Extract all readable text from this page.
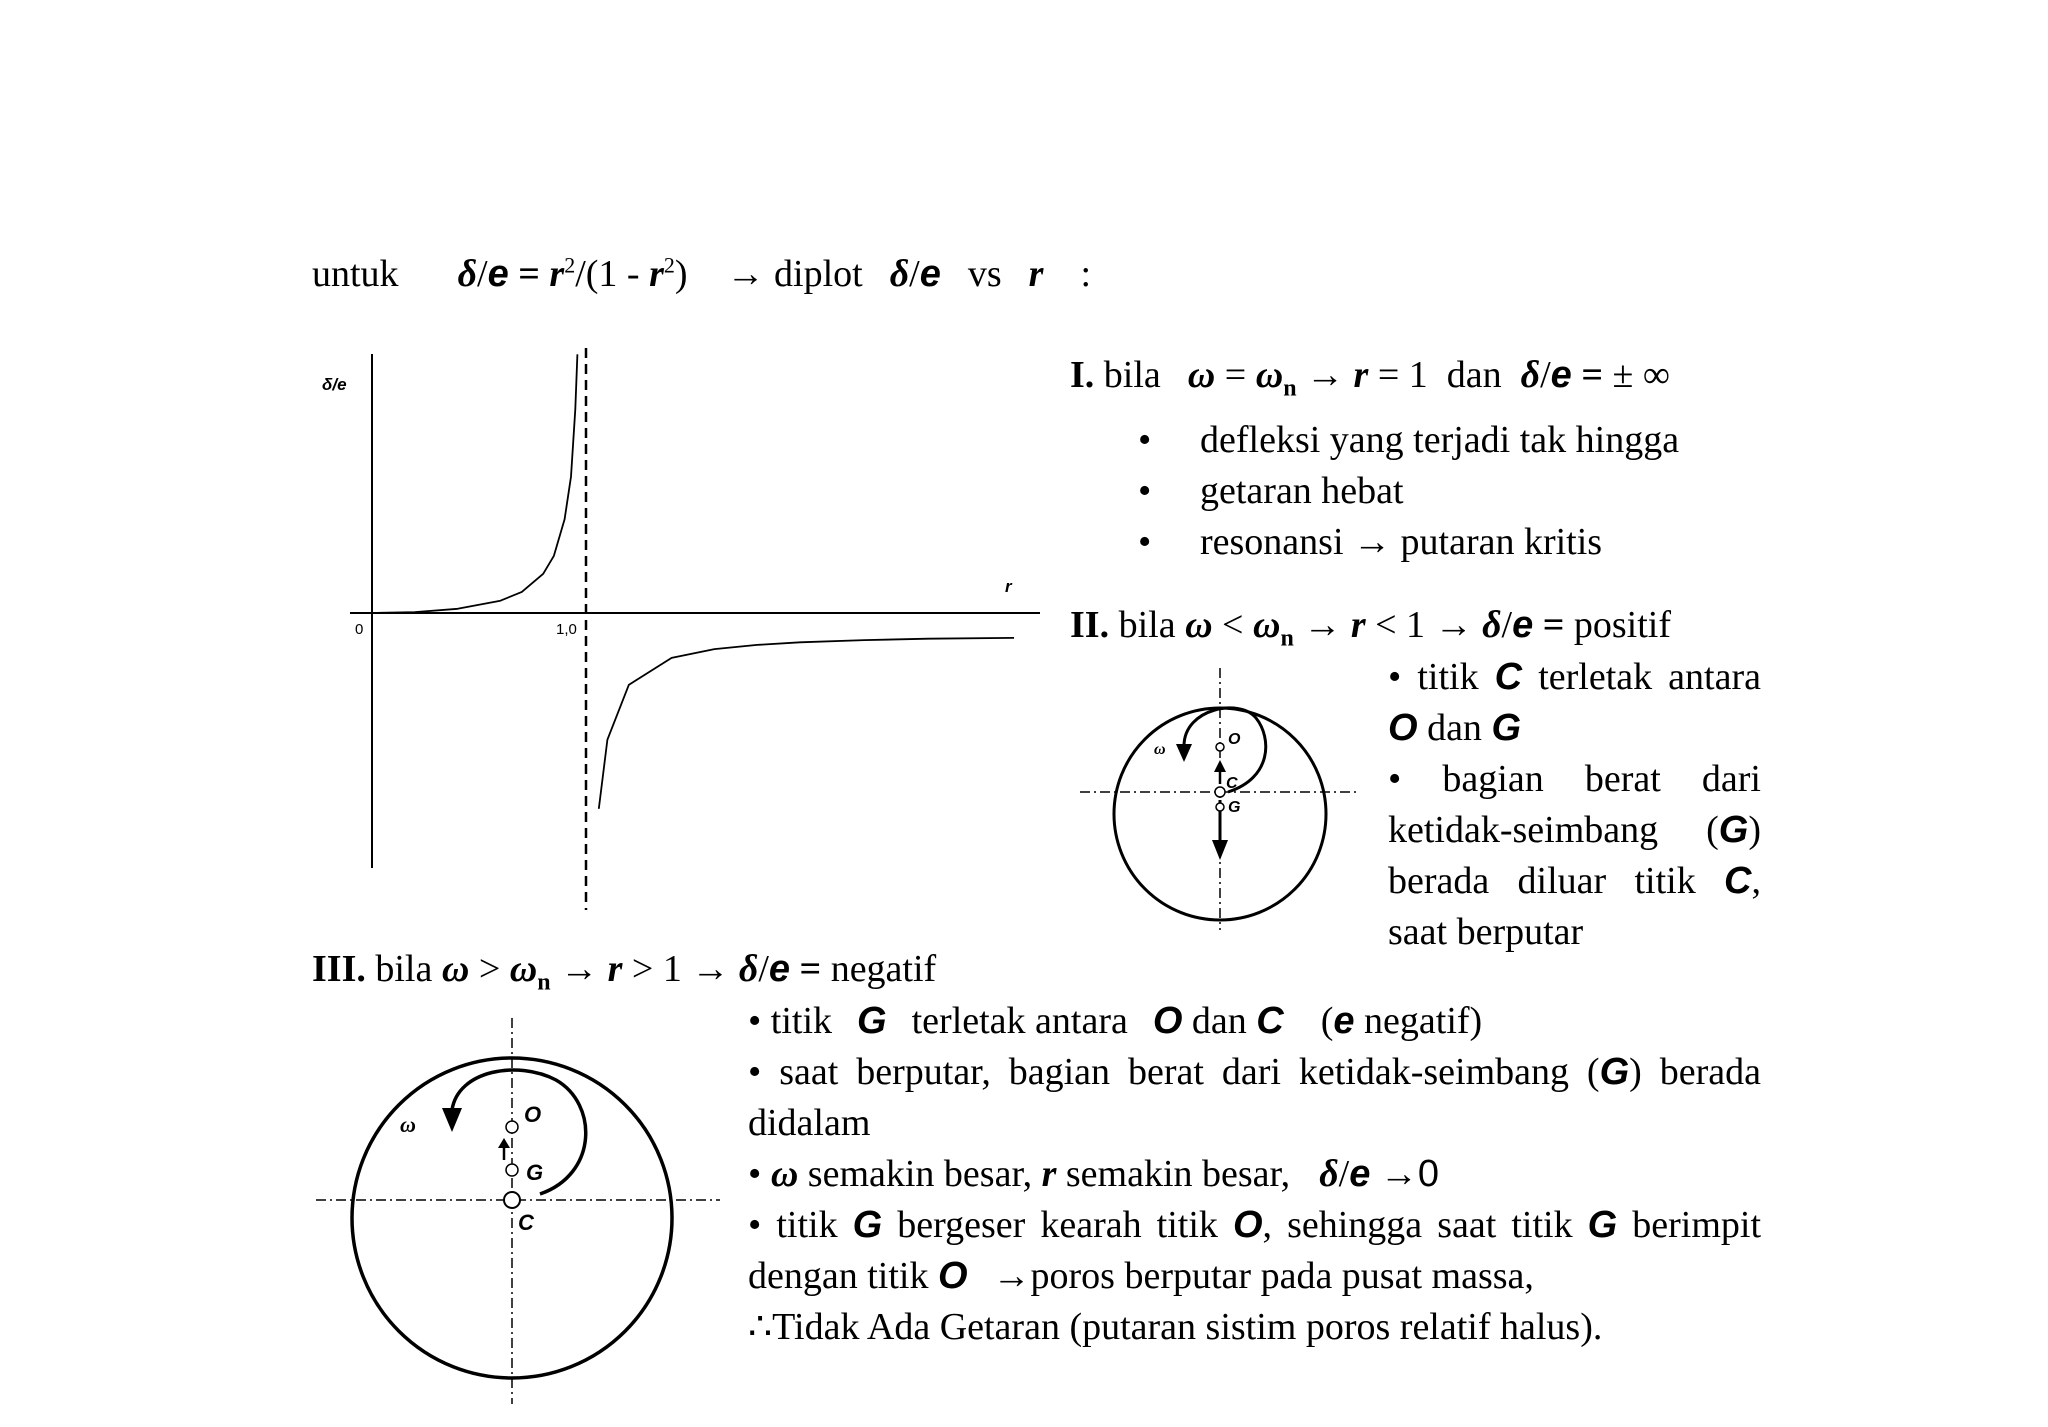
untuk $\delta/e = r^2/(1 - r^2)$ → diplot δ/e vs r :
δ/e
r
0	1,0
I. bila $\omega = \omega_n \to r = 1$  dan  δ/e = ± ∞
• defleksi yang terjadi tak hingga
• getaran hebat
• resonansi → putaran kritis
II. bila $\omega < \omega_n \to r < 1 \to \delta/e$ = positif
ω
O
C
G

• titik C terletak antara O dan G

• bagian berat dari ketidak-seimbang (G) berada diluar titik C, saat berputar

III. bila $\omega > \omega_n \to r > 1 \to \delta/e$ = negatif
ω	O
G
C

• titik G terletak antara O dan C (e negatif)

• saat berputar, bagian berat dari ketidak-seimbang (G) berada didalam

• ω semakin besar, r semakin besar, δ/e →0

• titik G bergeser kearah titik O, sehingga saat titik G berimpit dengan titik O →poros berputar pada pusat massa,

∴Tidak Ada Getaran (putaran sistim poros relatif halus).
